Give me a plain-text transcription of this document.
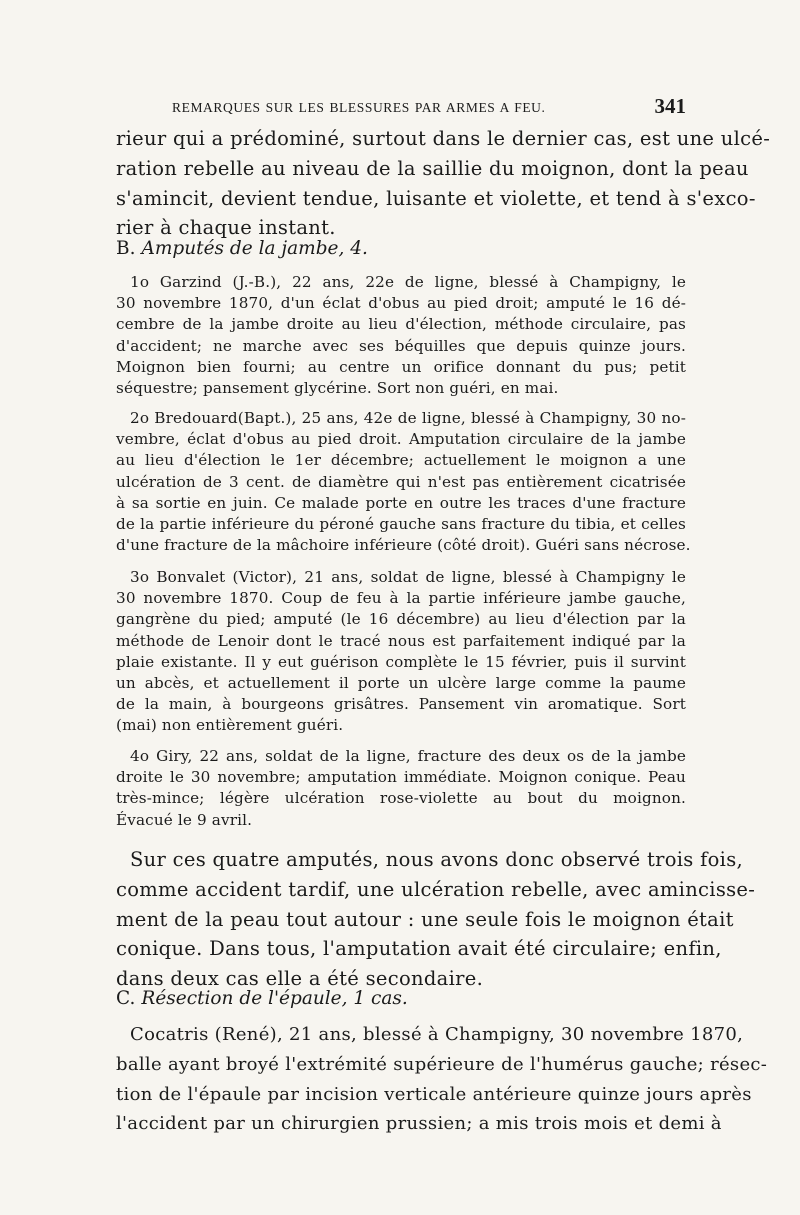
REMARQUES SUR LES BLESSURES PAR ARMES A FEU.	341
rieur qui a prédominé, surtout dans le dernier cas, est une ulcé-
ration rebelle au niveau de la saillie du moignon, dont la peau
s'amincit, devient tendue, luisante et violette, et tend à s'exco-
rier à chaque instant.
B. Amputés de la jambe, 4.
1o Garzind (J.-B.), 22 ans, 22e de ligne, blessé à Champigny, le
30 novembre 1870, d'un éclat d'obus au pied droit; amputé le 16 dé-
cembre de la jambe droite au lieu d'élection, méthode circulaire, pas
d'accident; ne marche avec ses béquilles que depuis quinze jours.
Moignon bien fourni; au centre un orifice donnant du pus; petit
séquestre; pansement glycérine. Sort non guéri, en mai.
2o Bredouard(Bapt.), 25 ans, 42e de ligne, blessé à Champigny, 30 no-
vembre, éclat d'obus au pied droit. Amputation circulaire de la jambe
au lieu d'élection le 1er décembre; actuellement le moignon a une
ulcération de 3 cent. de diamètre qui n'est pas entièrement cicatrisée
à sa sortie en juin. Ce malade porte en outre les traces d'une fracture
de la partie inférieure du péroné gauche sans fracture du tibia, et celles
d'une fracture de la mâchoire inférieure (côté droit). Guéri sans nécrose.
3o Bonvalet (Victor), 21 ans, soldat de ligne, blessé à Champigny le
30 novembre 1870. Coup de feu à la partie inférieure jambe gauche,
gangrène du pied; amputé (le 16 décembre) au lieu d'élection par la
méthode de Lenoir dont le tracé nous est parfaitement indiqué par la
plaie existante. Il y eut guérison complète le 15 février, puis il survint
un abcès, et actuellement il porte un ulcère large comme la paume
de la main, à bourgeons grisâtres. Pansement vin aromatique. Sort
(mai) non entièrement guéri.
4o Giry, 22 ans, soldat de la ligne, fracture des deux os de la jambe
droite le 30 novembre; amputation immédiate. Moignon conique. Peau
très-mince; légère ulcération rose-violette au bout du moignon.
Évacué le 9 avril.
Sur ces quatre amputés, nous avons donc observé trois fois,
comme accident tardif, une ulcération rebelle, avec amincisse-
ment de la peau tout autour : une seule fois le moignon était
conique. Dans tous, l'amputation avait été circulaire; enfin,
dans deux cas elle a été secondaire.
C. Résection de l'épaule, 1 cas.
Cocatris (René), 21 ans, blessé à Champigny, 30 novembre 1870,
balle ayant broyé l'extrémité supérieure de l'humérus gauche; résec-
tion de l'épaule par incision verticale antérieure quinze jours après
l'accident par un chirurgien prussien; a mis trois mois et demi à
